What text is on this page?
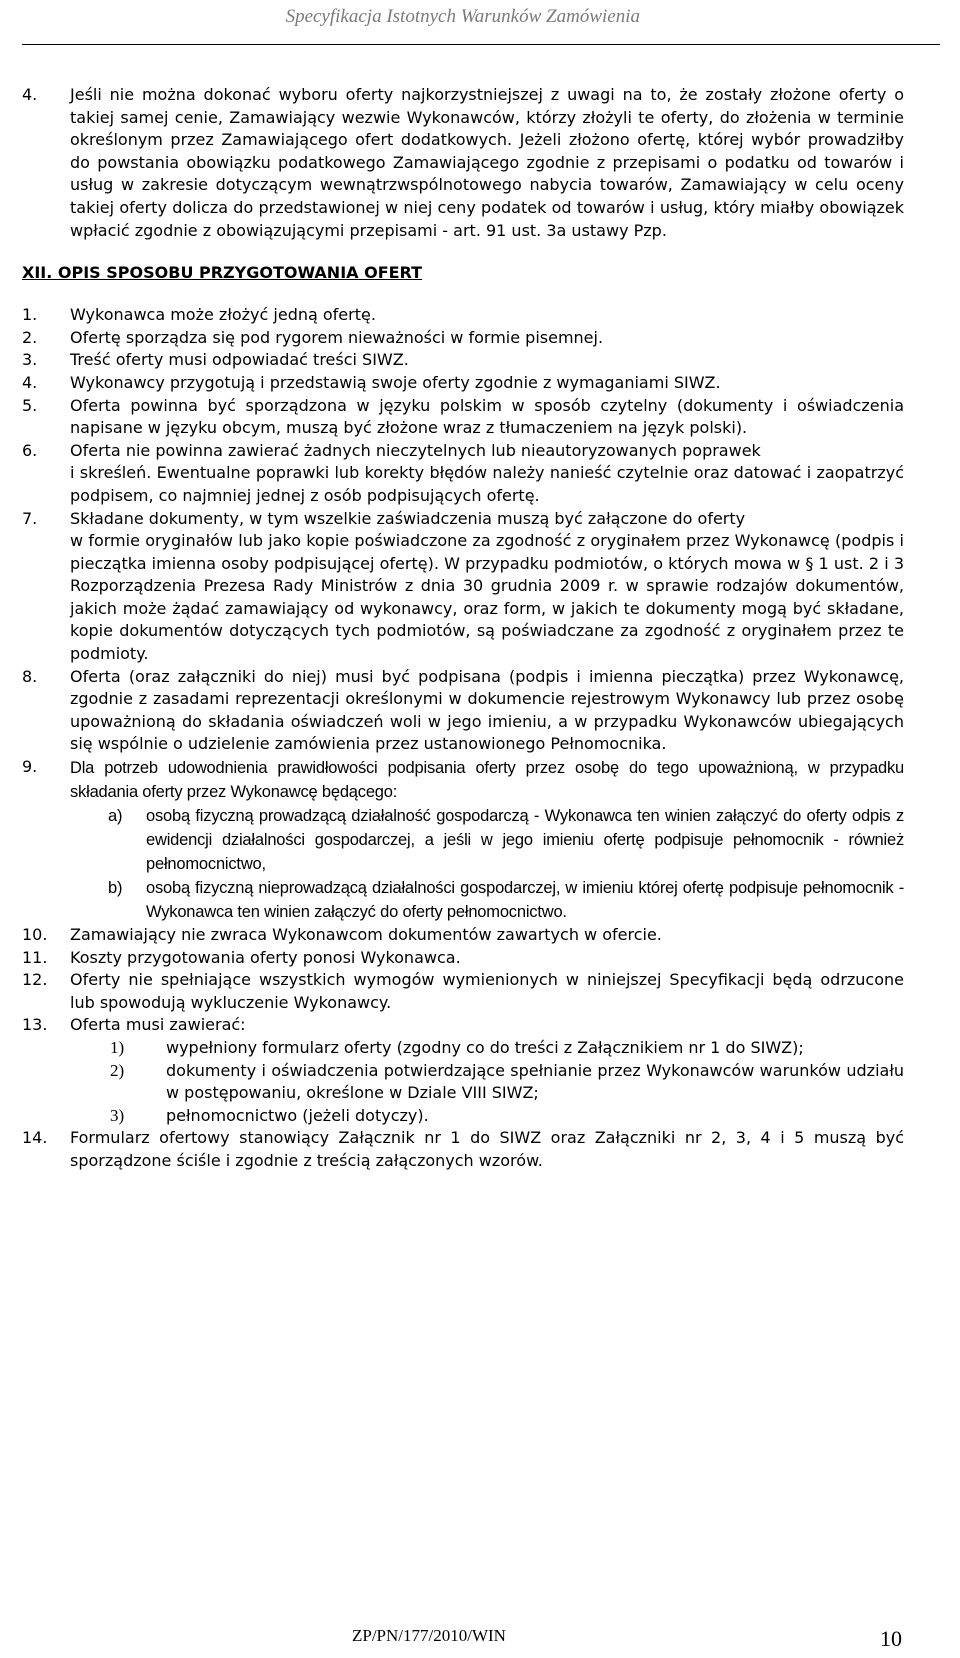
Specyfikacja Istotnych Warunków Zamówienia
4.	Jeśli nie można dokonać wyboru oferty najkorzystniejszej z uwagi na to, że zostały złożone oferty o takiej samej cenie, Zamawiający wezwie Wykonawców, którzy złożyli te oferty, do złożenia w terminie określonym przez Zamawiającego ofert dodatkowych. Jeżeli złożono ofertę, której wybór prowadziłby do powstania obowiązku podatkowego Zamawiającego zgodnie z przepisami o podatku od towarów i usług w zakresie dotyczącym wewnątrzwspólnotowego nabycia towarów, Zamawiający w celu oceny takiej oferty dolicza do przedstawionej w niej ceny podatek od towarów i usług, który miałby obowiązek wpłacić zgodnie z obowiązującymi przepisami - art. 91 ust. 3a ustawy Pzp.
XII. OPIS SPOSOBU PRZYGOTOWANIA OFERT
1.	Wykonawca może złożyć jedną ofertę.
2.	Ofertę sporządza się pod rygorem nieważności w formie pisemnej.
3.	Treść oferty musi odpowiadać treści SIWZ.
4.	Wykonawcy przygotują i przedstawią swoje oferty zgodnie z wymaganiami SIWZ.
5.	Oferta powinna być sporządzona w języku polskim w sposób czytelny (dokumenty i oświadczenia napisane w języku obcym, muszą być złożone wraz z tłumaczeniem na język polski).
6.	Oferta nie powinna zawierać żadnych nieczytelnych lub nieautoryzowanych poprawek

i skreśleń. Ewentualne poprawki lub korekty błędów należy nanieść czytelnie oraz datować i zaopatrzyć podpisem, co najmniej jednej z osób podpisujących ofertę.

7.	Składane dokumenty, w tym wszelkie zaświadczenia muszą być załączone do oferty

w formie oryginałów lub jako kopie poświadczone za zgodność z oryginałem przez Wykonawcę (podpis i pieczątka imienna osoby podpisującej ofertę). W przypadku podmiotów, o których mowa w § 1 ust. 2 i 3 Rozporządzenia Prezesa Rady Ministrów z dnia 30 grudnia 2009 r. w sprawie rodzajów dokumentów, jakich może żądać zamawiający od wykonawcy, oraz form, w jakich te dokumenty mogą być składane, kopie dokumentów dotyczących tych podmiotów, są poświadczane za zgodność z oryginałem przez te podmioty.

8.	Oferta (oraz załączniki do niej) musi być podpisana (podpis i imienna pieczątka) przez Wykonawcę, zgodnie z zasadami reprezentacji określonymi w dokumencie rejestrowym Wykonawcy lub przez osobę upoważnioną do składania oświadczeń woli w jego imieniu, a w przypadku Wykonawców ubiegających się wspólnie o udzielenie zamówienia przez ustanowionego Pełnomocnika.
9.	Dla potrzeb udowodnienia prawidłowości podpisania oferty przez osobę do tego upoważnioną, w przypadku składania oferty przez Wykonawcę będącego:

a)	osobą fizyczną prowadzącą działalność gospodarczą - Wykonawca ten winien załączyć do oferty odpis z ewidencji działalności gospodarczej, a jeśli w jego imieniu ofertę podpisuje pełnomocnik - również pełnomocnictwo,
b)	osobą fizyczną nieprowadzącą działalności gospodarczej, w imieniu której ofertę podpisuje pełnomocnik - Wykonawca ten winien załączyć do oferty pełnomocnictwo.
10.	Zamawiający nie zwraca Wykonawcom dokumentów zawartych w ofercie.
11.	Koszty przygotowania oferty ponosi Wykonawca.
12.	Oferty nie spełniające wszystkich wymogów wymienionych w niniejszej Specyfikacji będą odrzucone lub spowodują wykluczenie Wykonawcy.
13.	Oferta musi zawierać:

1)	wypełniony formularz oferty (zgodny co do treści z Załącznikiem nr 1 do SIWZ);
2)	dokumenty i oświadczenia potwierdzające spełnianie przez Wykonawców warunków udziału w postępowaniu, określone w Dziale VIII SIWZ;
3)	pełnomocnictwo (jeżeli dotyczy).
14.	Formularz ofertowy stanowiący Załącznik nr 1 do SIWZ oraz Załączniki nr 2, 3, 4 i 5 muszą być sporządzone ściśle i zgodnie z treścią załączonych wzorów.
ZP/PN/177/2010/WIN	10
